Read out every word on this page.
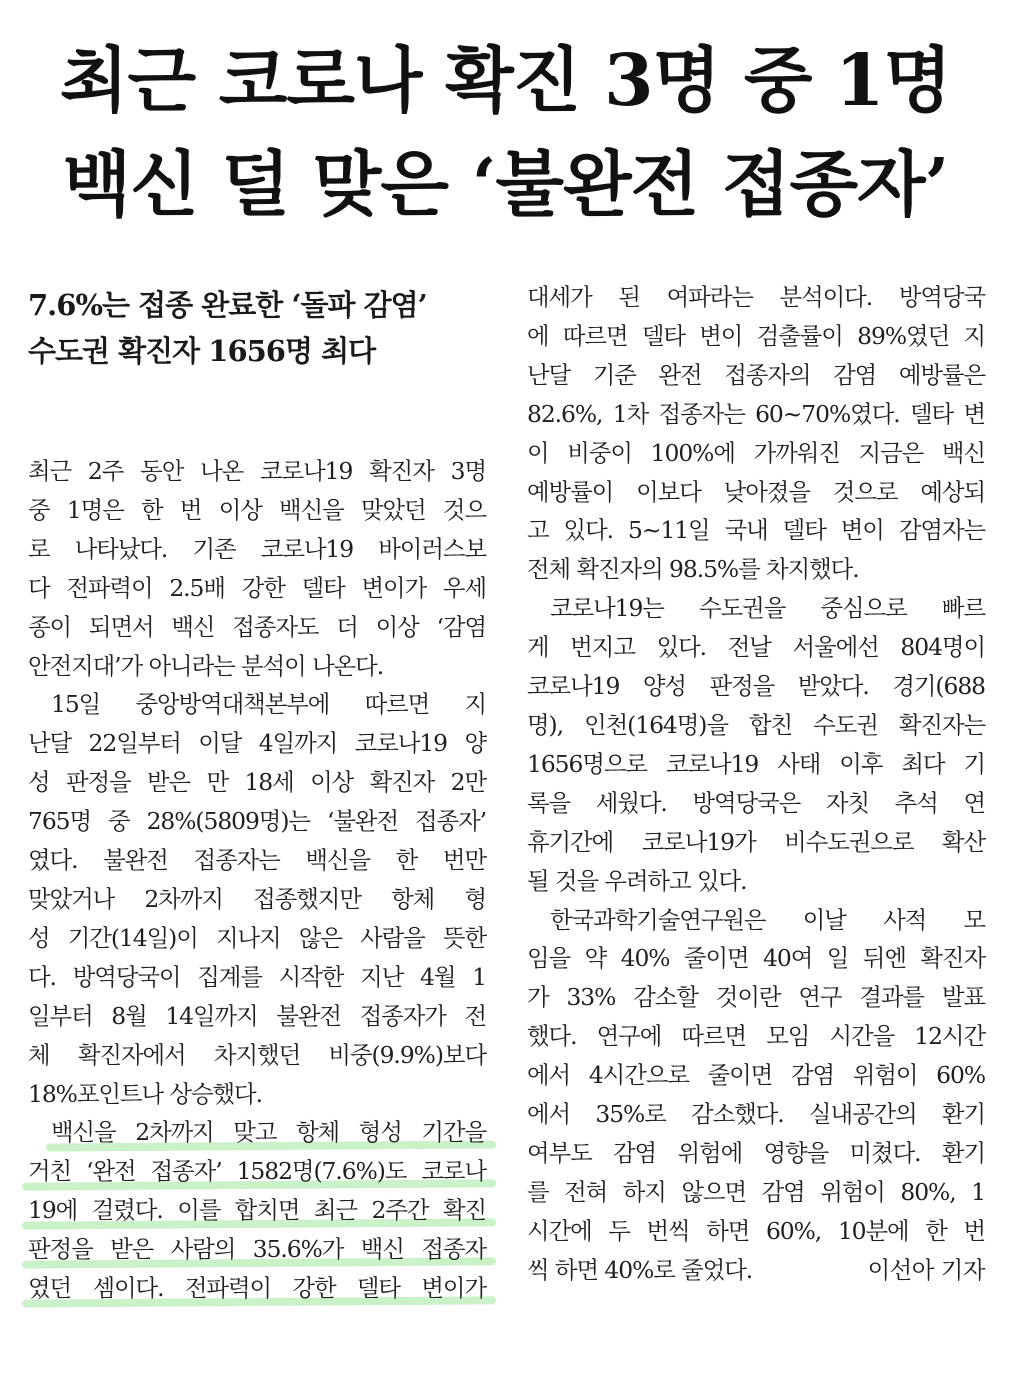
최근 코로나 확진 3명 중 1명
백신 덜 맞은 ‘불완전 접종자’
7.6%는 접종 완료한 ‘돌파 감염’
수도권 확진자 1656명 최다

최근 2주 동안 나온 코로나19 확진자 3명
중 1명은 한 번 이상 백신을 맞았던 것으
로 나타났다. 기존 코로나19 바이러스보
다 전파력이 2.5배 강한 델타 변이가 우세
종이 되면서 백신 접종자도 더 이상 ‘감염
안전지대’가 아니라는 분석이 나온다.

15일 중앙방역대책본부에 따르면 지
난달 22일부터 이달 4일까지 코로나19 양
성 판정을 받은 만 18세 이상 확진자 2만
765명 중 28%(5809명)는 ‘불완전 접종자’
였다. 불완전 접종자는 백신을 한 번만
맞았거나 2차까지 접종했지만 항체 형
성 기간(14일)이 지나지 않은 사람을 뜻한
다. 방역당국이 집계를 시작한 지난 4월 1
일부터 8월 14일까지 불완전 접종자가 전
체 확진자에서 차지했던 비중(9.9%)보다
18%포인트나 상승했다.

백신을 2차까지 맞고 항체 형성 기간을
거친 ‘완전 접종자’ 1582명(7.6%)도 코로나
19에 걸렸다. 이를 합치면 최근 2주간 확진
판정을 받은 사람의 35.6%가 백신 접종자
였던 셈이다. 전파력이 강한 델타 변이가

대세가 된 여파라는 분석이다. 방역당국
에 따르면 델타 변이 검출률이 89%였던 지
난달 기준 완전 접종자의 감염 예방률은
82.6%, 1차 접종자는 60~70%였다. 델타 변
이 비중이 100%에 가까워진 지금은 백신
예방률이 이보다 낮아졌을 것으로 예상되
고 있다. 5~11일 국내 델타 변이 감염자는
전체 확진자의 98.5%를 차지했다.

코로나19는 수도권을 중심으로 빠르
게 번지고 있다. 전날 서울에선 804명이
코로나19 양성 판정을 받았다. 경기(688
명), 인천(164명)을 합친 수도권 확진자는
1656명으로 코로나19 사태 이후 최다 기
록을 세웠다. 방역당국은 자칫 추석 연
휴기간에 코로나19가 비수도권으로 확산
될 것을 우려하고 있다.

한국과학기술연구원은 이날 사적 모
임을 약 40% 줄이면 40여 일 뒤엔 확진자
가 33% 감소할 것이란 연구 결과를 발표
했다. 연구에 따르면 모임 시간을 12시간
에서 4시간으로 줄이면 감염 위험이 60%
에서 35%로 감소했다. 실내공간의 환기
여부도 감염 위험에 영향을 미쳤다. 환기
를 전혀 하지 않으면 감염 위험이 80%, 1
시간에 두 번씩 하면 60%, 10분에 한 번
씩 하면 40%로 줄었다.	이선아 기자
